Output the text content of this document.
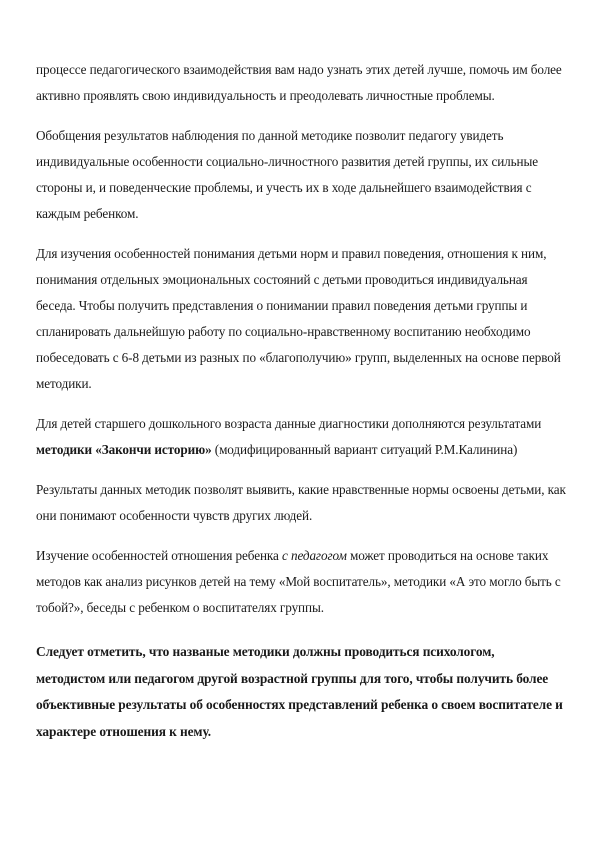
процессе педагогического взаимодействия вам надо узнать этих детей лучше, помочь им более активно проявлять свою индивидуальность и преодолевать личностные проблемы.

Обобщения результатов наблюдения по данной методике позволит педагогу увидеть индивидуальные особенности социально-личностного развития детей группы, их сильные стороны и, и поведенческие проблемы, и учесть их в ходе дальнейшего взаимодействия с каждым ребенком.

Для изучения особенностей понимания детьми норм и правил поведения, отношения к ним, понимания отдельных эмоциональных состояний с детьми проводиться индивидуальная беседа. Чтобы получить представления о понимании правил поведения детьми группы и спланировать дальнейшую работу по социально-нравственному воспитанию необходимо побеседовать с 6-8 детьми из разных по «благополучию» групп, выделенных на основе первой методики.

Для детей старшего дошкольного возраста данные диагностики дополняются результатами методики «Закончи историю» (модифицированный вариант ситуаций Р.М.Калинина)

Результаты данных методик позволят выявить, какие нравственные нормы освоены детьми, как они понимают особенности чувств других людей.

Изучение особенностей отношения ребенка с педагогом может проводиться на основе таких методов как анализ рисунков детей на тему «Мой воспитатель», методики «А это могло быть с тобой?», беседы с ребенком о воспитателях группы.

Следует отметить, что названые методики должны проводиться психологом, методистом или педагогом другой возрастной группы для того, чтобы получить более объективные результаты об особенностях представлений ребенка о своем воспитателе и характере отношения к нему.
